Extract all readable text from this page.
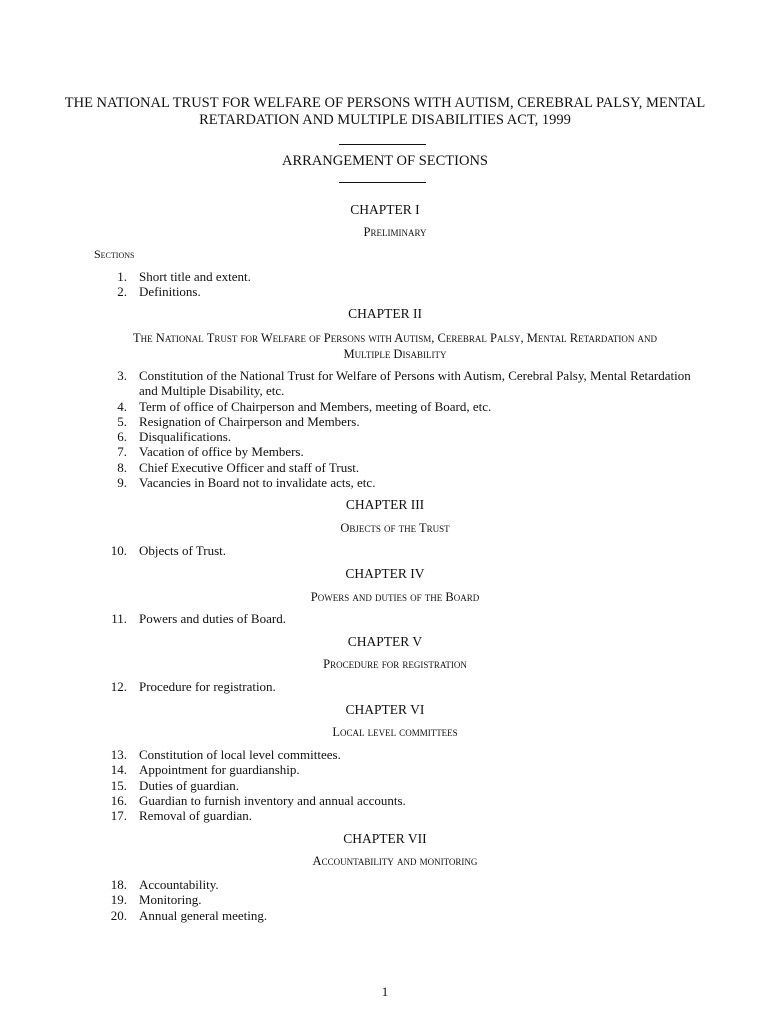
THE NATIONAL TRUST FOR WELFARE OF PERSONS WITH AUTISM, CEREBRAL PALSY, MENTAL RETARDATION AND MULTIPLE DISABILITIES ACT, 1999
ARRANGEMENT OF SECTIONS
CHAPTER I
Preliminary
Sections
1. Short title and extent.
2. Definitions.
CHAPTER II
The National Trust for Welfare of Persons with Autism, Cerebral Palsy, Mental Retardation and Multiple Disability
3. Constitution of the National Trust for Welfare of Persons with Autism, Cerebral Palsy, Mental Retardation and Multiple Disability, etc.
4. Term of office of Chairperson and Members, meeting of Board, etc.
5. Resignation of Chairperson and Members.
6. Disqualifications.
7. Vacation of office by Members.
8. Chief Executive Officer and staff of Trust.
9. Vacancies in Board not to invalidate acts, etc.
CHAPTER III
Objects of the Trust
10. Objects of Trust.
CHAPTER IV
Powers and duties of the Board
11. Powers and duties of Board.
CHAPTER V
Procedure for registration
12. Procedure for registration.
CHAPTER VI
Local level committees
13. Constitution of local level committees.
14. Appointment for guardianship.
15. Duties of guardian.
16. Guardian to furnish inventory and annual accounts.
17. Removal of guardian.
CHAPTER VII
Accountability and monitoring
18. Accountability.
19. Monitoring.
20. Annual general meeting.
1
